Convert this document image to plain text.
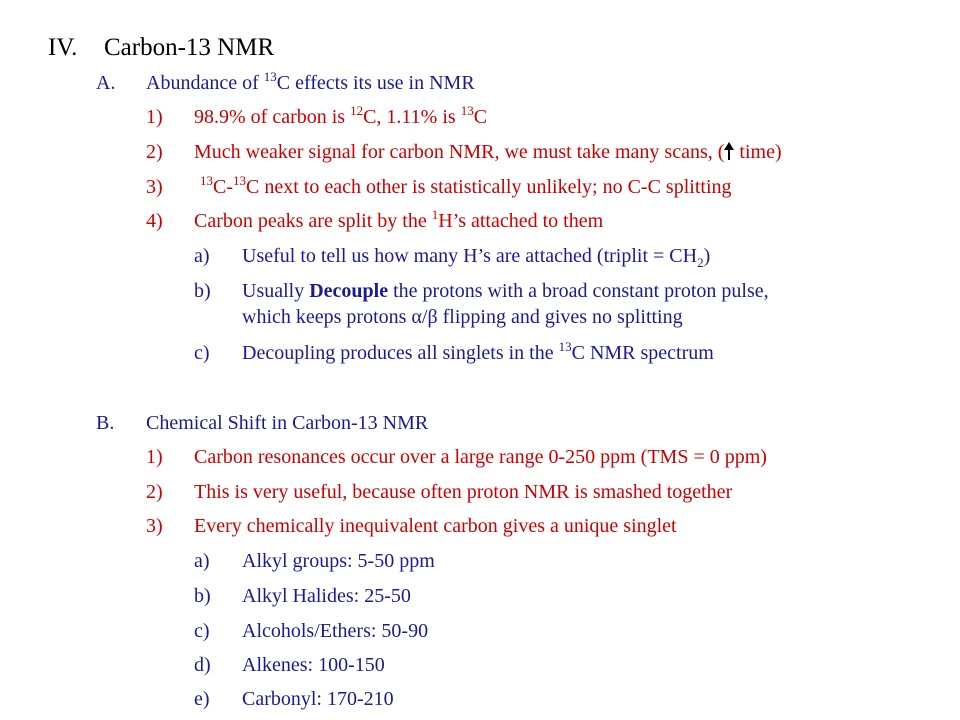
IV. Carbon-13 NMR
A. Abundance of $^{13}$C effects its use in NMR
1) 98.9% of carbon is $^{12}$C, 1.11% is $^{13}$C
2) Much weaker signal for carbon NMR, we must take many scans, ( time)
3)	$^{13}$C-$^{13}$C next to each other is statistically unlikely; no C-C splitting
4) Carbon peaks are split by the $^1$H’s attached to them
a) Useful to tell us how many H’s are attached (triplit = $CH_2$)
b) Usually Decouple the protons with a broad constant proton pulse,
which keeps protons α/β flipping and gives no splitting
c) Decoupling produces all singlets in the $^{13}$C NMR spectrum
B. Chemical Shift in Carbon-13 NMR
1) Carbon resonances occur over a large range 0-250 ppm (TMS = 0 ppm)
2) This is very useful, because often proton NMR is smashed together
3) Every chemically inequivalent carbon gives a unique singlet
a) Alkyl groups: 5-50 ppm
b) Alkyl Halides: 25-50
c) Alcohols/Ethers: 50-90
d) Alkenes: 100-150
e) Carbonyl: 170-210
